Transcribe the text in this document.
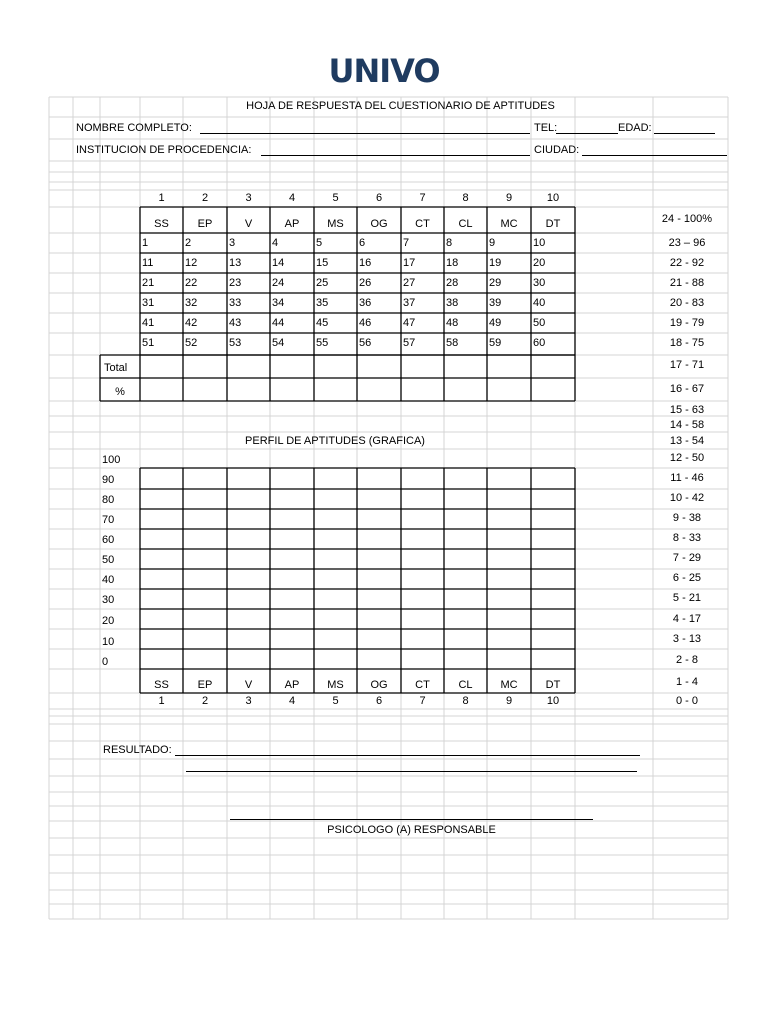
UNIVO
HOJA DE RESPUESTA DEL CUESTIONARIO DE APTITUDES
NOMBRE COMPLETO:	TEL:	EDAD:
INSTITUCION DE PROCEDENCIA:	CIUDAD:
1	2	3	4	5	6	7	8	9	10
SS	EP	V	AP	MS	OG	CT	CL	MC	DT
1	2	3	4	5	6	7	8	9	10
11	12	13	14	15	16	17	18	19	20
21	22	23	24	25	26	27	28	29	30
31	32	33	34	35	36	37	38	39	40
41	42	43	44	45	46	47	48	49	50
51	52	53	54	55	56	57	58	59	60
Total
%
24 - 100%
23 – 96
22 - 92
21 - 88
20 - 83
19 - 79
18 - 75
17 - 71
16 - 67
15 - 63
14 - 58
13 - 54
12 - 50
11 - 46
10 - 42
9 - 38
8 - 33
7 - 29
6 - 25
5 - 21
4 - 17
3 - 13
2 - 8
1 - 4
0 - 0
PERFIL DE APTITUDES (GRAFICA)
100
90
80
70
60
50
40
30
20
10
0
SS	EP	V	AP	MS	OG	CT	CL	MC	DT
1	2	3	4	5	6	7	8	9	10
RESULTADO:
PSICOLOGO (A) RESPONSABLE
